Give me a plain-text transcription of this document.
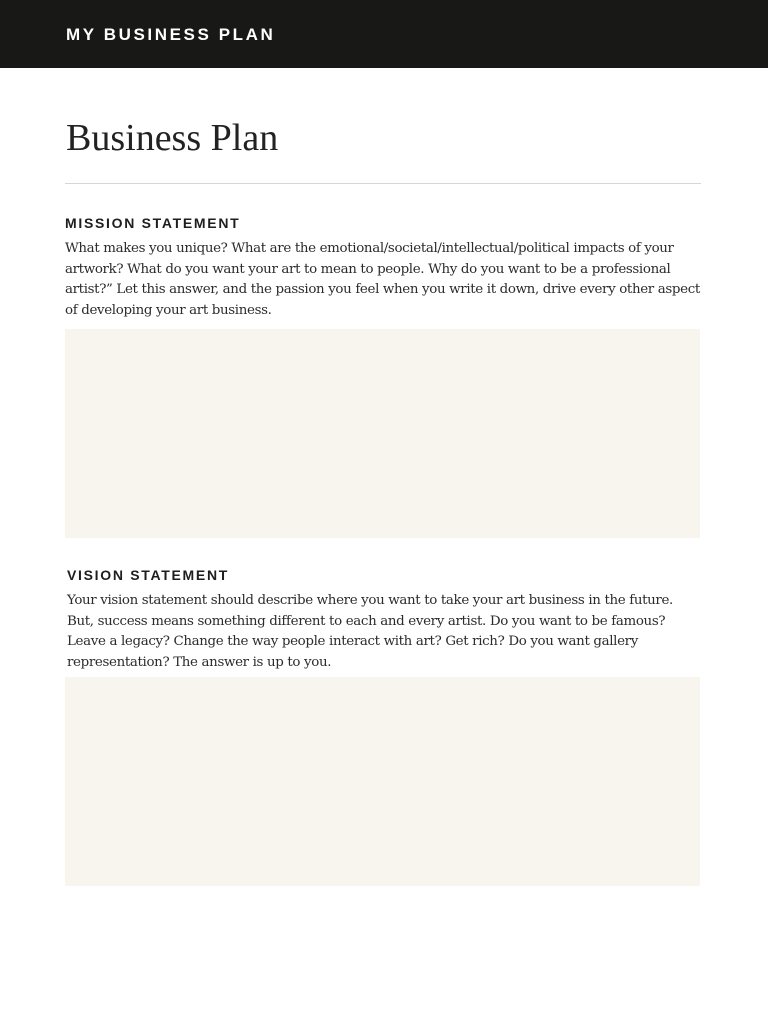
MY BUSINESS PLAN
Business Plan
MISSION STATEMENT

What makes you unique? What are the emotional/societal/intellectual/political impacts of your artwork? What do you want your art to mean to people. Why do you want to be a professional artist?” Let this answer, and the passion you feel when you write it down, drive every other aspect of developing your art business.

VISION STATEMENT

Your vision statement should describe where you want to take your art business in the future. But, success means something different to each and every artist. Do you want to be famous? Leave a legacy? Change the way people interact with art? Get rich? Do you want gallery representation? The answer is up to you.
